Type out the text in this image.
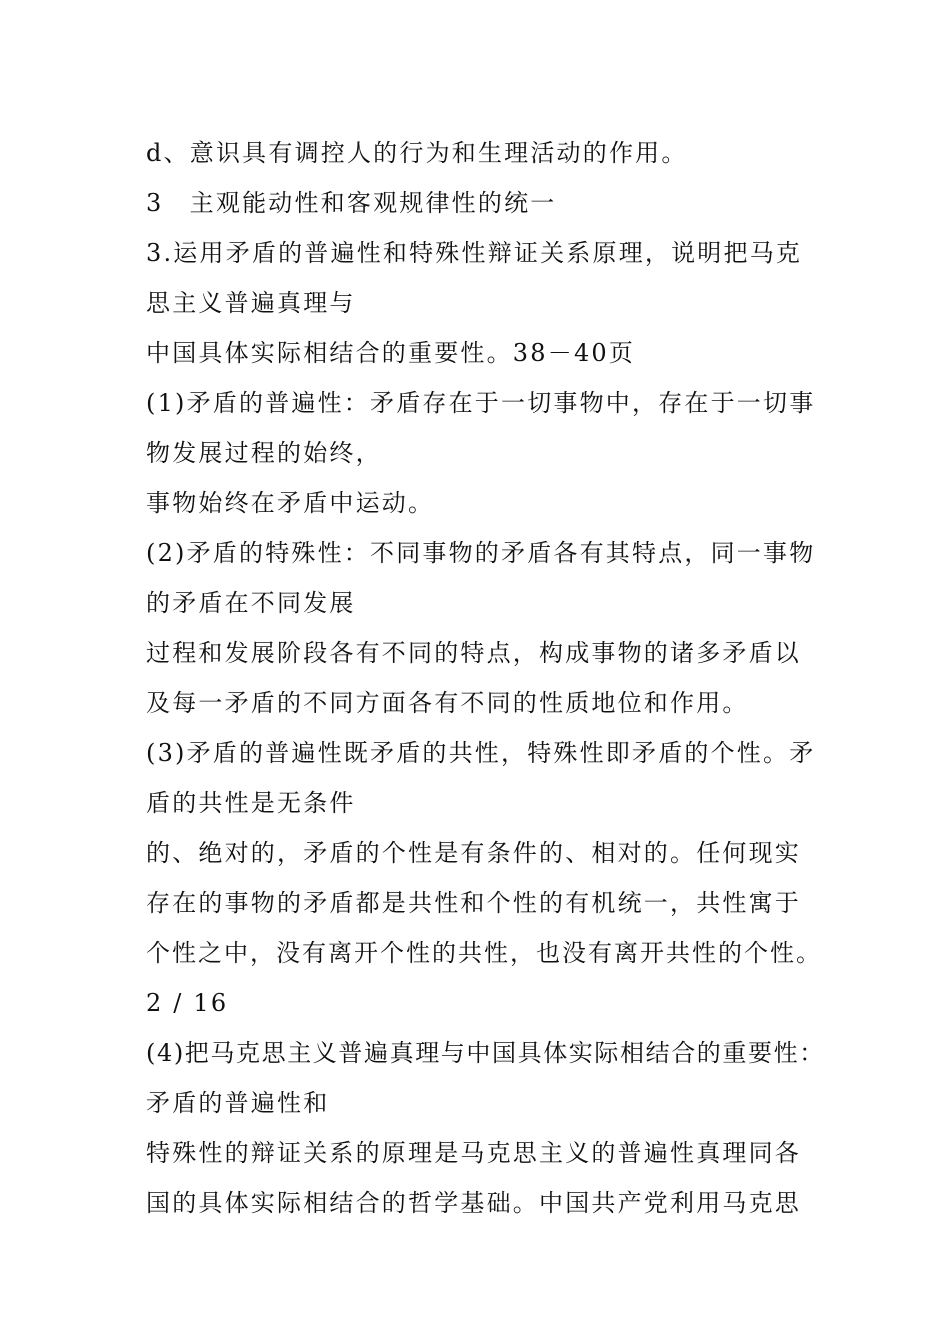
d、意识具有调控人的行为和生理活动的作用。
3　主观能动性和客观规律性的统一
3.运用矛盾的普遍性和特殊性辩证关系原理，说明把马克
思主义普遍真理与
中国具体实际相结合的重要性。38－40页
(1)矛盾的普遍性：矛盾存在于一切事物中，存在于一切事
物发展过程的始终，
事物始终在矛盾中运动。
(2)矛盾的特殊性：不同事物的矛盾各有其特点，同一事物
的矛盾在不同发展
过程和发展阶段各有不同的特点，构成事物的诸多矛盾以
及每一矛盾的不同方面各有不同的性质地位和作用。
(3)矛盾的普遍性既矛盾的共性，特殊性即矛盾的个性。矛
盾的共性是无条件
的、绝对的，矛盾的个性是有条件的、相对的。任何现实
存在的事物的矛盾都是共性和个性的有机统一，共性寓于
个性之中，没有离开个性的共性，也没有离开共性的个性。
2 / 16
(4)把马克思主义普遍真理与中国具体实际相结合的重要性：
矛盾的普遍性和
特殊性的辩证关系的原理是马克思主义的普遍性真理同各
国的具体实际相结合的哲学基础。中国共产党利用马克思
